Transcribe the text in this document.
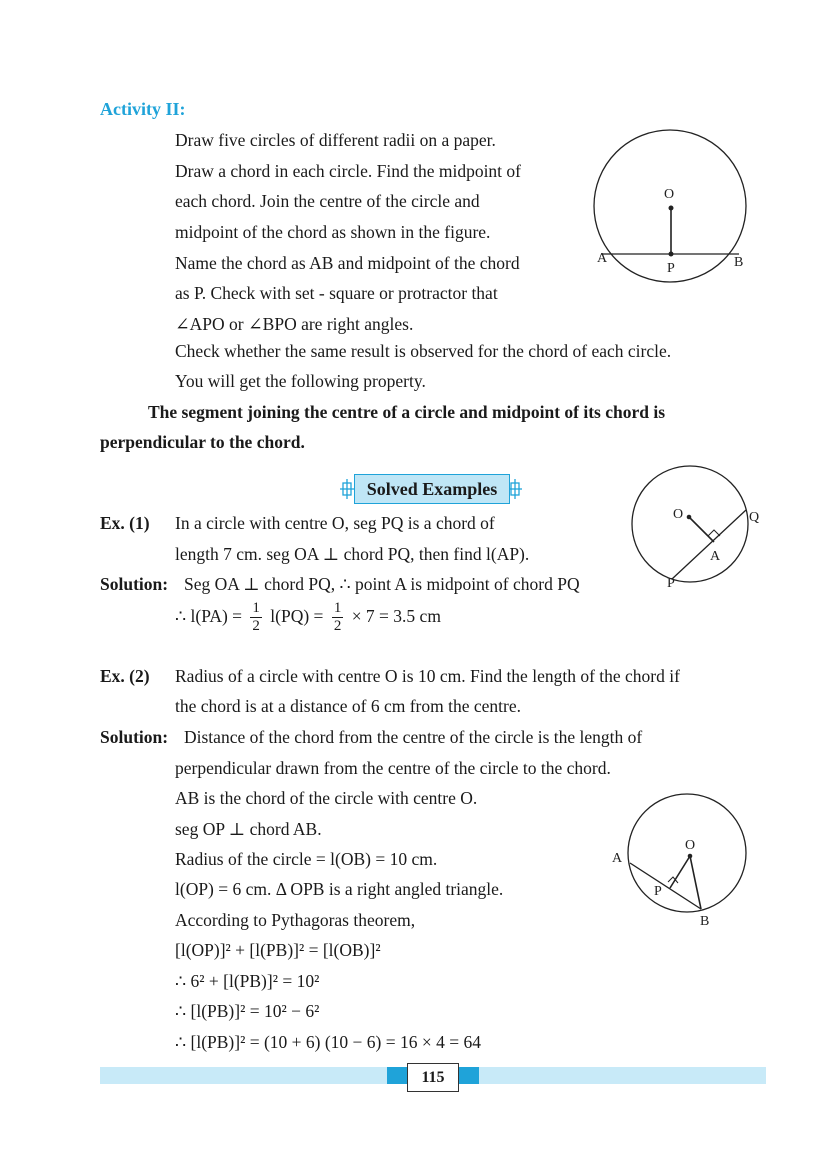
Activity II:
Draw five circles of different radii on a paper.
Draw a chord in each circle. Find the midpoint of
each chord. Join the centre of the circle and
midpoint of the chord as shown in the figure.
Name the chord as AB and midpoint of the chord
as P. Check with set - square or protractor that
∠APO or ∠BPO are right angles.
Check whether the same result is observed for the chord of each circle.
You will get the following property.
The segment joining the centre of a circle and midpoint of its chord is
perpendicular to the chord.
O
A
P	B
Solved Examples
Ex. (1) In a circle with centre O, seg PQ is a chord of
length 7 cm. seg OA ⊥ chord PQ, then find l(AP).
Solution: Seg OA ⊥ chord PQ, ∴ point A is midpoint of chord PQ
∴ $l(PA) = \frac{1}{2} l(PQ) = \frac{1}{2} \times 7 = 3.5$ cm
O	Q
A
P
Ex. (2) Radius of a circle with centre O is 10 cm. Find the length of the chord if
the chord is at a distance of 6 cm from the centre.
Solution: Distance of the chord from the centre of the circle is the length of
perpendicular drawn from the centre of the circle to the chord.
AB is the chord of the circle with centre O.
seg OP ⊥ chord AB.
Radius of the circle = l(OB) = 10 cm.
l(OP) = 6 cm. Δ OPB is a right angled triangle.
According to Pythagoras theorem,
[l(OP)]² + [l(PB)]² = [l(OB)]²
∴ 6² + [l(PB)]² = 10²
∴ [l(PB)]² = 10² − 6²
∴ [l(PB)]² = (10 + 6) (10 − 6) = 16 × 4 = 64
O
A
P
B
115
